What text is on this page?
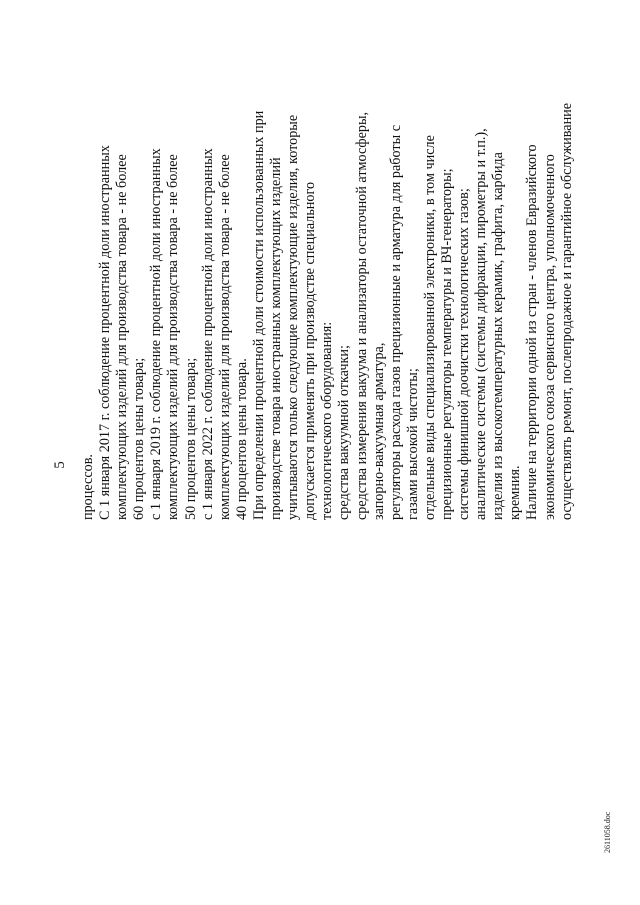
5 процессов. С 1 января 2017 г. соблюдение процентной доли иностранных комплектующих изделий для производства товара - не более 60 процентов цены товара; с 1 января 2019 г. соблюдение процентной доли иностранных комплектующих изделий для производства товара - не более 50 процентов цены товара; с 1 января 2022 г. соблюдение процентной доли иностранных комплектующих изделий для производства товара - не более 40 процентов цены товара. При определении процентной доли стоимости использованных при производстве товара иностранных комплектующих изделий учитываются только следующие комплектующие изделия, которые допускается применять при производстве специального технологического оборудования: средства вакуумной откачки; средства измерения вакуума и анализаторы остаточной атмосферы, запорно-вакуумная арматура, регуляторы расхода газов прецизионные и арматура для работы с газами высокой чистоты; отдельные виды специализированной электроники, в том числе прецизионные регуляторы температуры и ВЧ-генераторы; системы финишной доочистки технологических газов; аналитические системы (системы дифракции, пирометры и т.п.), изделия из высокотемпературных керамик, графита, карбида кремния. Наличие на территории одной из стран - членов Евразийского экономического союза сервисного центра, уполномоченного осуществлять ремонт, послепродажное и гарантийное обслуживание
2611058.doc
